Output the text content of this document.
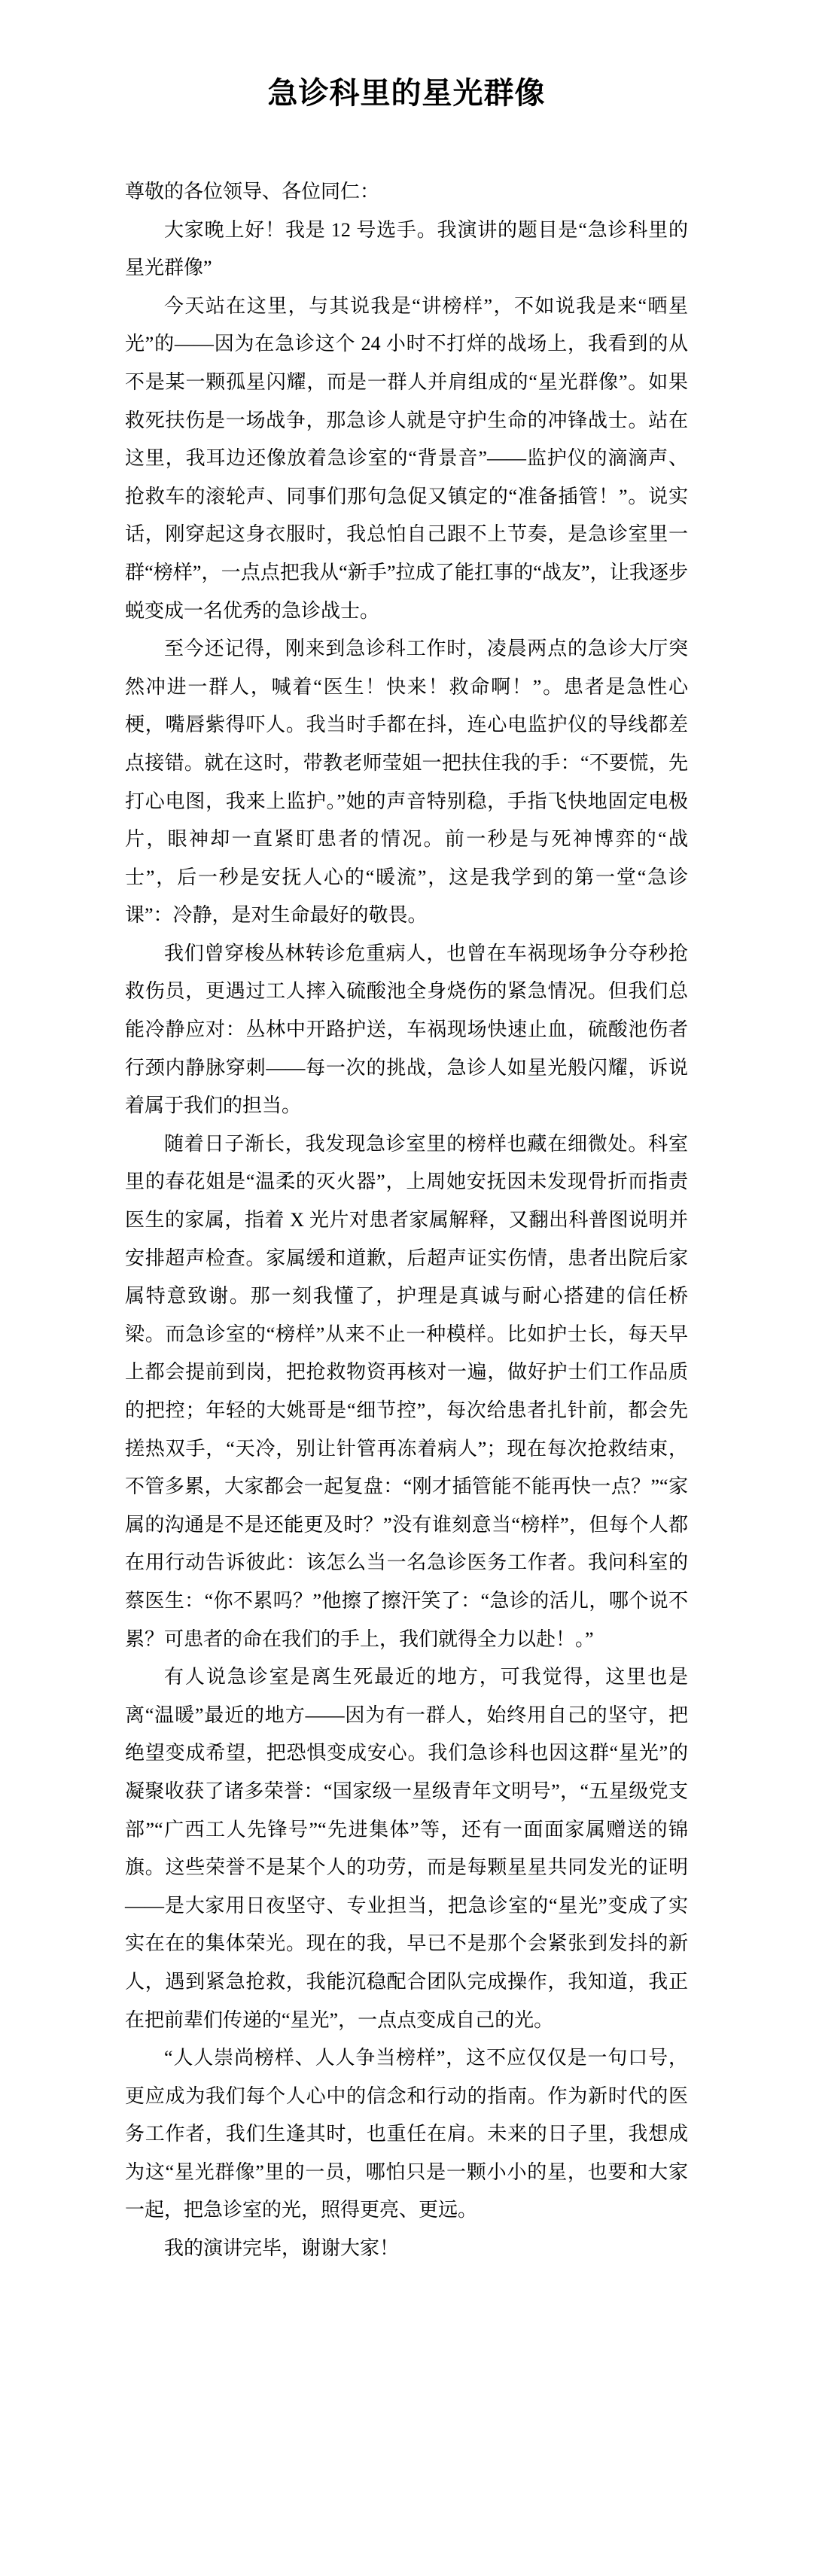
急诊科里的星光群像

尊敬的各位领导、各位同仁：

大家晚上好！我是 12 号选手。我演讲的题目是“急诊科里的星光群像”

今天站在这里，与其说我是“讲榜样”，不如说我是来“晒星光”的——因为在急诊这个 24 小时不打烊的战场上，我看到的从不是某一颗孤星闪耀，而是一群人并肩组成的“星光群像”。如果救死扶伤是一场战争，那急诊人就是守护生命的冲锋战士。站在这里，我耳边还像放着急诊室的“背景音”——监护仪的滴滴声、抢救车的滚轮声、同事们那句急促又镇定的“准备插管！”。说实话，刚穿起这身衣服时，我总怕自己跟不上节奏，是急诊室里一群“榜样”，一点点把我从“新手”拉成了能扛事的“战友”，让我逐步蜕变成一名优秀的急诊战士。

至今还记得，刚来到急诊科工作时，凌晨两点的急诊大厅突然冲进一群人，喊着“医生！快来！救命啊！”。患者是急性心梗，嘴唇紫得吓人。我当时手都在抖，连心电监护仪的导线都差点接错。就在这时，带教老师莹姐一把扶住我的手：“不要慌，先打心电图，我来上监护。”她的声音特别稳，手指飞快地固定电极片，眼神却一直紧盯患者的情况。前一秒是与死神博弈的“战士”，后一秒是安抚人心的“暖流”，这是我学到的第一堂“急诊课”：冷静，是对生命最好的敬畏。

我们曾穿梭丛林转诊危重病人，也曾在车祸现场争分夺秒抢救伤员，更遇过工人摔入硫酸池全身烧伤的紧急情况。但我们总能冷静应对：丛林中开路护送，车祸现场快速止血，硫酸池伤者行颈内静脉穿刺——每一次的挑战，急诊人如星光般闪耀，诉说着属于我们的担当。

随着日子渐长，我发现急诊室里的榜样也藏在细微处。科室里的春花姐是“温柔的灭火器”，上周她安抚因未发现骨折而指责医生的家属，指着 X 光片对患者家属解释，又翻出科普图说明并安排超声检查。家属缓和道歉，后超声证实伤情，患者出院后家属特意致谢。那一刻我懂了，护理是真诚与耐心搭建的信任桥梁。而急诊室的“榜样”从来不止一种模样。比如护士长，每天早上都会提前到岗，把抢救物资再核对一遍，做好护士们工作品质的把控；年轻的大姚哥是“细节控”，每次给患者扎针前，都会先搓热双手，“天冷，别让针管再冻着病人”；现在每次抢救结束，不管多累，大家都会一起复盘：“刚才插管能不能再快一点？”“家属的沟通是不是还能更及时？”没有谁刻意当“榜样”，但每个人都在用行动告诉彼此：该怎么当一名急诊医务工作者。我问科室的蔡医生：“你不累吗？”他擦了擦汗笑了：“急诊的活儿，哪个说不累？可患者的命在我们的手上，我们就得全力以赴！。”

有人说急诊室是离生死最近的地方，可我觉得，这里也是离“温暖”最近的地方——因为有一群人，始终用自己的坚守，把绝望变成希望，把恐惧变成安心。我们急诊科也因这群“星光”的凝聚收获了诸多荣誉：“国家级一星级青年文明号”，“五星级党支部”“广西工人先锋号”“先进集体”等，还有一面面家属赠送的锦旗。这些荣誉不是某个人的功劳，而是每颗星星共同发光的证明——是大家用日夜坚守、专业担当，把急诊室的“星光”变成了实实在在的集体荣光。现在的我，早已不是那个会紧张到发抖的新人，遇到紧急抢救，我能沉稳配合团队完成操作，我知道，我正在把前辈们传递的“星光”，一点点变成自己的光。

“人人崇尚榜样、人人争当榜样”，这不应仅仅是一句口号，更应成为我们每个人心中的信念和行动的指南。作为新时代的医务工作者，我们生逢其时，也重任在肩。未来的日子里，我想成为这“星光群像”里的一员，哪怕只是一颗小小的星，也要和大家一起，把急诊室的光，照得更亮、更远。

我的演讲完毕，谢谢大家！
